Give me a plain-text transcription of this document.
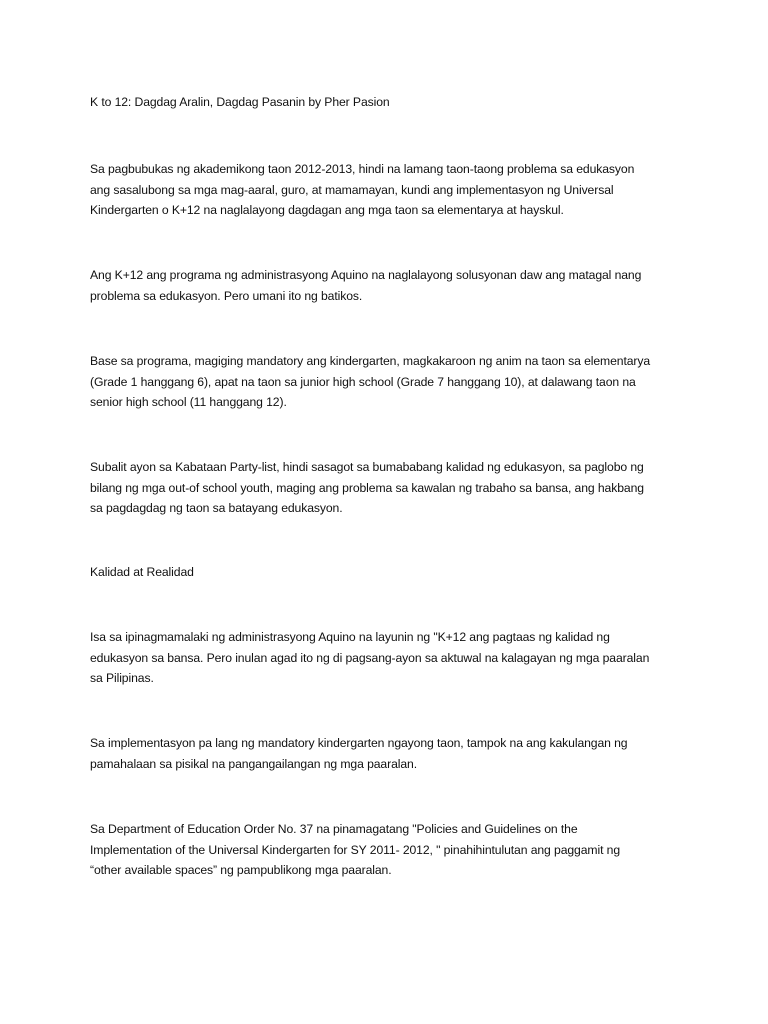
K to 12: Dagdag Aralin, Dagdag Pasanin by Pher Pasion

Sa pagbubukas ng akademikong taon 2012-2013, hindi na lamang taon-taong problema sa edukasyon
ang sasalubong sa mga mag-aaral, guro, at mamamayan, kundi ang implementasyon ng Universal
Kindergarten o K+12 na naglalayong dagdagan ang mga taon sa elementarya at hayskul.

Ang K+12 ang programa ng administrasyong Aquino na naglalayong solusyonan daw ang matagal nang
problema sa edukasyon. Pero umani ito ng batikos.

Base sa programa, magiging mandatory ang kindergarten, magkakaroon ng anim na taon sa elementarya
(Grade 1 hanggang 6), apat na taon sa junior high school (Grade 7 hanggang 10), at dalawang taon na
senior high school (11 hanggang 12).

Subalit ayon sa Kabataan Party-list, hindi sasagot sa bumababang kalidad ng edukasyon, sa paglobo ng
bilang ng mga out-of school youth, maging ang problema sa kawalan ng trabaho sa bansa, ang hakbang
sa pagdagdag ng taon sa batayang edukasyon.

Kalidad at Realidad

Isa sa ipinagmamalaki ng administrasyong Aquino na layunin ng "K+12 ang pagtaas ng kalidad ng
edukasyon sa bansa. Pero inulan agad ito ng di pagsang-ayon sa aktuwal na kalagayan ng mga paaralan
sa Pilipinas.

Sa implementasyon pa lang ng mandatory kindergarten ngayong taon, tampok na ang kakulangan ng
pamahalaan sa pisikal na pangangailangan ng mga paaralan.

Sa Department of Education Order No. 37 na pinamagatang "Policies and Guidelines on the
Implementation of the Universal Kindergarten for SY 2011- 2012, " pinahihintulutan ang paggamit ng
“other available spaces” ng pampublikong mga paaralan.
